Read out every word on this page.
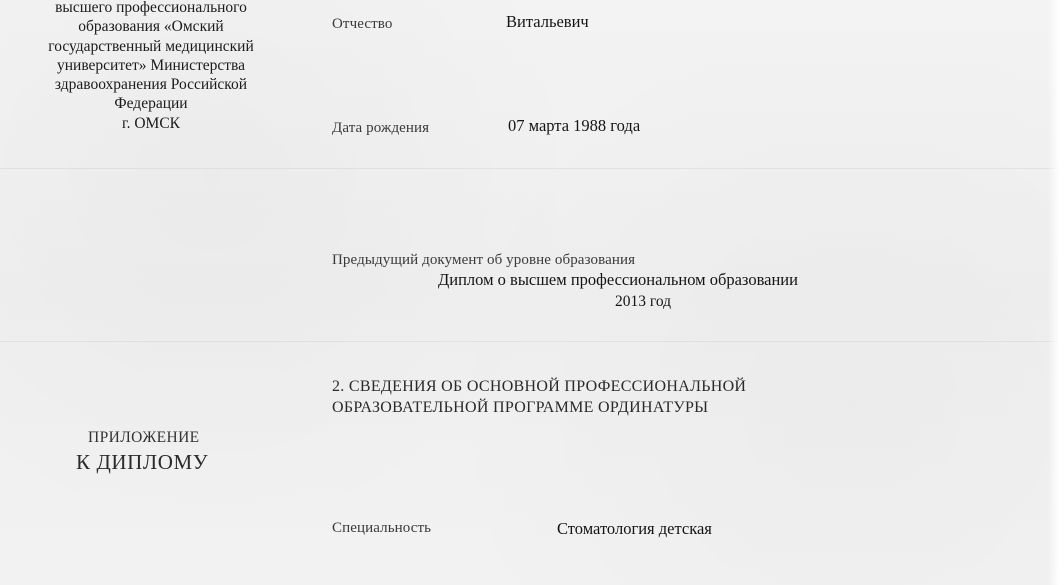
высшего профессионального
образования «Омский
государственный медицинский
университет» Министерства
здравоохранения Российской
Федерации
г. ОМСК
Отчество	Витальевич
Дата рождения	07 марта 1988 года
Предыдущий документ об уровне образования
Диплом о высшем профессиональном образовании
2013 год
2. СВЕДЕНИЯ ОБ ОСНОВНОЙ ПРОФЕССИОНАЛЬНОЙ
ОБРАЗОВАТЕЛЬНОЙ ПРОГРАММЕ ОРДИНАТУРЫ
ПРИЛОЖЕНИЕ
К ДИПЛОМУ
Специальность	Стоматология детская
